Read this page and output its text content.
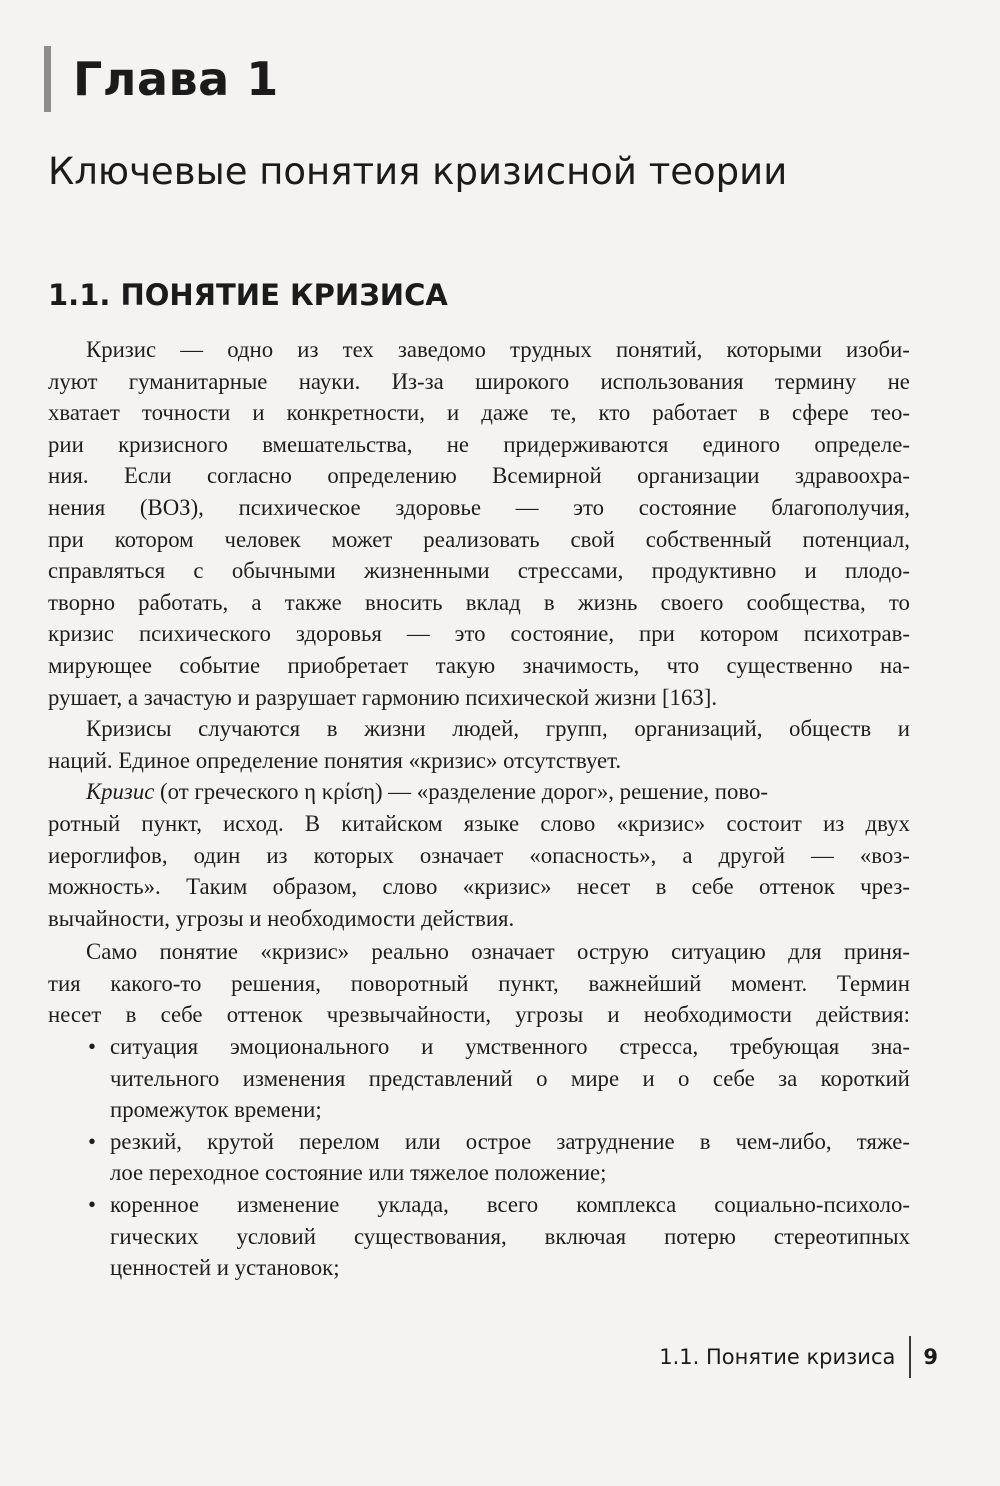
Глава 1
Ключевые понятия кризисной теории
1.1. ПОНЯТИЕ КРИЗИСА
Кризис — одно из тех заведомо трудных понятий, которыми изоби-
луют гуманитарные науки. Из-за широкого использования термину не
хватает точности и конкретности, и даже те, кто работает в сфере тео-
рии кризисного вмешательства, не придерживаются единого определе-
ния. Если согласно определению Всемирной организации здравоохра-
нения (ВОЗ), психическое здоровье — это состояние благополучия,
при котором человек может реализовать свой собственный потенциал,
справляться с обычными жизненными стрессами, продуктивно и плодо-
творно работать, а также вносить вклад в жизнь своего сообщества, то
кризис психического здоровья — это состояние, при котором психотрав-
мирующее событие приобретает такую значимость, что существенно на-
рушает, а зачастую и разрушает гармонию психической жизни [163].
Кризисы случаются в жизни людей, групп, организаций, обществ и
наций. Единое определение понятия «кризис» отсутствует.
Кризис (от греческого η κρίση) — «разделение дорог», решение, пово-
ротный пункт, исход. В китайском языке слово «кризис» состоит из двух
иероглифов, один из которых означает «опасность», а другой — «воз-
можность». Таким образом, слово «кризис» несет в себе оттенок чрез-
вычайности, угрозы и необходимости действия.
Само понятие «кризис» реально означает острую ситуацию для приня-
тия какого-то решения, поворотный пункт, важнейший момент. Термин
несет в себе оттенок чрезвычайности, угрозы и необходимости действия:
• ситуация эмоционального и умственного стресса, требующая зна-
чительного изменения представлений о мире и о себе за короткий
промежуток времени;
• резкий, крутой перелом или острое затруднение в чем-либо, тяже-
лое переходное состояние или тяжелое положение;
• коренное изменение уклада, всего комплекса социально-психоло-
гических условий существования, включая потерю стереотипных
ценностей и установок;
1.1. Понятие кризиса 9
